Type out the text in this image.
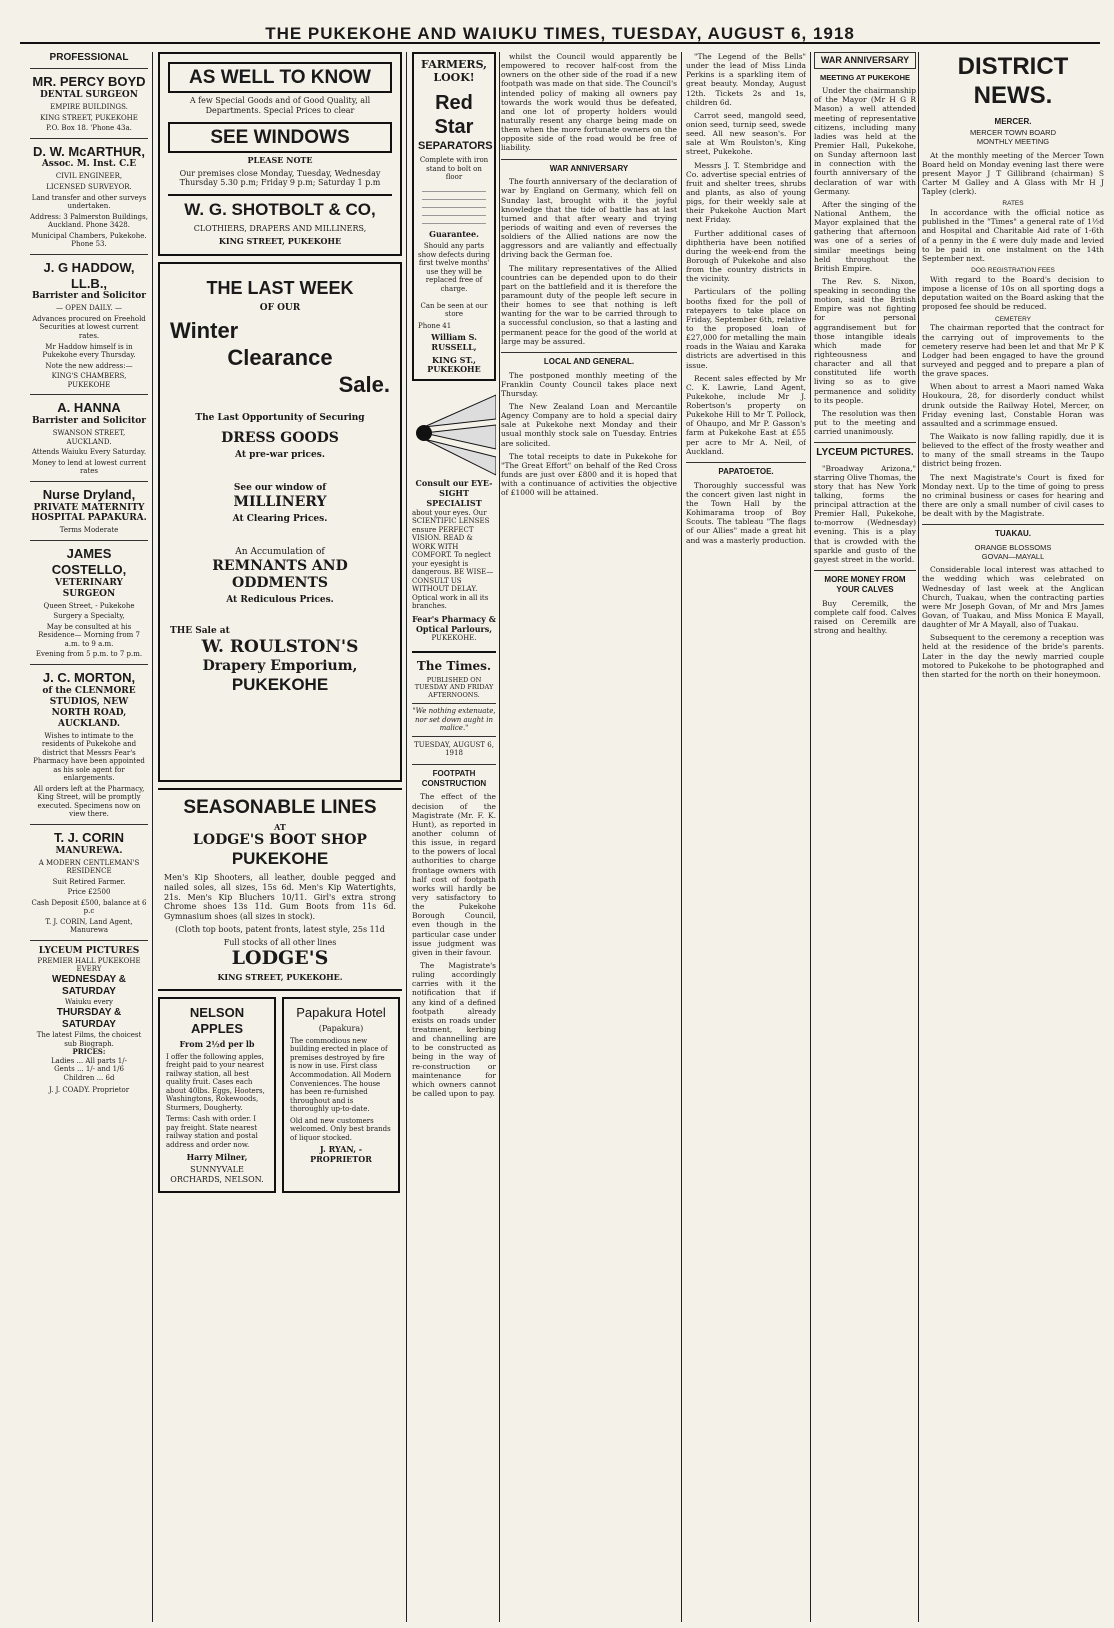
THE PUKEKOHE AND WAIUKU TIMES, TUESDAY, AUGUST 6, 1918
PROFESSIONAL
MR. PERCY BOYD
DENTAL SURGEON
EMPIRE BUILDINGS.
KING STREET, PUKEKOHE
P.O. Box 18. 'Phone 43a.
D. W. McARTHUR,
Assoc. M. Inst. C.E
CIVIL ENGINEER,
LICENSED SURVEYOR.
Land transfer and other surveys undertaken.
Address: 3 Palmerston Buildings, Auckland. Phone 3428.
Municipal Chambers, Pukekohe. Phone 53.
J. G HADDOW, LL.B.,
Barrister and Solicitor
— OPEN DAILY. —
Advances procured on Freehold Securities at lowest current rates.
Mr Haddow himself is in Pukekohe every Thursday.
Note the new address:—
KING'S CHAMBERS, PUKEKOHE
A. HANNA
Barrister and Solicitor
SWANSON STREET, AUCKLAND.
Attends Waiuku Every Saturday.
Money to lend at lowest current rates
Nurse Dryland,
PRIVATE MATERNITY HOSPITAL PAPAKURA.
Terms Moderate
JAMES COSTELLO,
VETERINARY SURGEON
Queen Street, - Pukekohe
Surgery a Specialty,
May be consulted at his Residence— Morning from 7 a.m. to 9 a.m.
Evening from 5 p.m. to 7 p.m.
J. C. MORTON,
of the CLENMORE STUDIOS, NEW NORTH ROAD, AUCKLAND.
Wishes to intimate to the residents of Pukekohe and district that Messrs Fear's Pharmacy have been appointed as his sole agent for enlargements.
All orders left at the Pharmacy, King Street, will be promptly executed. Specimens now on view there.
T. J. CORIN
MANUREWA.
A MODERN CENTLEMAN'S RESIDENCE
Suit Retired Farmer.
Price £2500
Cash Deposit £500, balance at 6 p.c
T. J. CORIN, Land Agent, Manurewa
LYCEUM PICTURES
PREMIER HALL PUKEKOHE
EVERY
WEDNESDAY & SATURDAY
Waiuku every
THURSDAY & SATURDAY
The latest Films, the choicest sub Biograph.
PRICES:
Ladies ... All parts 1/-
Gents ... 1/- and 1/6
Children ... 6d
J. J. COADY. Proprietor
AS WELL TO KNOW

A few Special Goods and of Good Quality, all Departments. Special Prices to clear

SEE WINDOWS

PLEASE NOTE

Our premises close Monday, Tuesday, Wednesday Thursday 5.30 p.m; Friday 9 p.m; Saturday 1 p.m

W. G. SHOTBOLT & CO,

CLOTHIERS, DRAPERS AND MILLINERS,

KING STREET, PUKEKOHE

THE LAST WEEK

OF OUR

Winter
Clearance
Sale.

The Last Opportunity of Securing

DRESS GOODS

At pre-war prices.

See our window of

MILLINERY

At Clearing Prices.

An Accumulation of

REMNANTS AND ODDMENTS

At Rediculous Prices.

THE Sale at

W. ROULSTON'S
Drapery Emporium,
PUKEKOHE
SEASONABLE LINES

AT

LODGE'S BOOT SHOP
PUKEKOHE

Men's Kip Shooters, all leather, double pegged and nailed soles, all sizes, 15s 6d. Men's Kip Watertights, 21s. Men's Kip Bluchers 10/11. Girl's extra strong Chrome shoes 13s 11d. Gum Boots from 11s 6d. Gymnasium shoes (all sizes in stock).

(Cloth top boots, patent fronts, latest style, 25s 11d

Full stocks of all other lines

LODGE'S

KING STREET, PUKEKOHE.

NELSON APPLES

From 2½d per lb

I offer the following apples, freight paid to your nearest railway station, all best quality fruit. Cases each about 40lbs. Eggs, Hooters, Washingtons, Rokewoods, Sturmers, Dougherty.

Terms: Cash with order. I pay freight. State nearest railway station and postal address and order now.

Harry Milner,

SUNNYVALE ORCHARDS, NELSON.

Papakura Hotel

(Papakura)

The commodious new building erected in place of premises destroyed by fire is now in use. First class Accommodation. All Modern Conveniences. The house has been re-furnished throughout and is thoroughly up-to-date.

Old and new customers welcomed. Only best brands of liquor stocked.

J. RYAN, - PROPRIETOR

FARMERS, LOOK!
Red Star
SEPARATORS

Complete with iron stand to bolt on floor

Guarantee.

Should any parts show defects during first twelve months' use they will be replaced free of charge.

Can be seen at our store

Phone 41

William S. RUSSELL,

KING ST., PUKEKOHE

Consult our EYE-SIGHT SPECIALIST

about your eyes. Our SCIENTIFIC LENSES ensure PERFECT VISION. READ & WORK WITH COMFORT. To neglect your eyesight is dangerous. BE WISE—CONSULT US WITHOUT DELAY. Optical work in all its branches.

Fear's Pharmacy & Optical Parlours,

PUKEKOHE.

The Times.

PUBLISHED ON TUESDAY AND FRIDAY AFTERNOONS.

"We nothing extenuate, nor set down aught in malice."

TUESDAY, AUGUST 6, 1918

FOOTPATH CONSTRUCTION

The effect of the decision of the Magistrate (Mr. F. K. Hunt), as reported in another column of this issue, in regard to the powers of local authorities to charge frontage owners with half cost of footpath works will hardly be very satisfactory to the Pukekohe Borough Council, even though in the particular case under issue judgment was given in their favour.

The Magistrate's ruling accordingly carries with it the notification that if any kind of a defined footpath already exists on roads under treatment, kerbing and channelling are to be constructed as being in the way of re-construction or maintenance for which owners cannot be called upon to pay.

whilst the Council would apparently be empowered to recover half-cost from the owners on the other side of the road if a new footpath was made on that side. The Council's intended policy of making all owners pay towards the work would thus be defeated, and one lot of property holders would naturally resent any charge being made on them when the more fortunate owners on the opposite side of the road would be free of liability.

WAR ANNIVERSARY

The fourth anniversary of the declaration of war by England on Germany, which fell on Sunday last, brought with it the joyful knowledge that the tide of battle has at last turned and that after weary and trying periods of waiting and even of reverses the soldiers of the Allied nations are now the aggressors and are valiantly and effectually driving back the German foe.

The military representatives of the Allied countries can be depended upon to do their part on the battlefield and it is therefore the paramount duty of the people left secure in their homes to see that nothing is left wanting for the war to be carried through to a successful conclusion, so that a lasting and permanent peace for the good of the world at large may be assured.

LOCAL AND GENERAL.

The postponed monthly meeting of the Franklin County Council takes place next Thursday.

The New Zealand Loan and Mercantile Agency Company are to hold a special dairy sale at Pukekohe next Monday and their usual monthly stock sale on Tuesday. Entries are solicited.

The total receipts to date in Pukekohe for "The Great Effort" on behalf of the Red Cross funds are just over £800 and it is hoped that with a continuance of activities the objective of £1000 will be attained.

"The Legend of the Bells" under the lead of Miss Linda Perkins is a sparkling item of great beauty. Monday, August 12th. Tickets 2s and 1s, children 6d.

Carrot seed, mangold seed, onion seed, turnip seed, swede seed. All new season's. For sale at Wm Roulston's, King street, Pukekohe.

Messrs J. T. Stembridge and Co. advertise special entries of fruit and shelter trees, shrubs and plants, as also of young pigs, for their weekly sale at their Pukekohe Auction Mart next Friday.

Further additional cases of diphtheria have been notified during the week-end from the Borough of Pukekohe and also from the country districts in the vicinity.

Particulars of the polling booths fixed for the poll of ratepayers to take place on Friday, September 6th, relative to the proposed loan of £27,000 for metalling the main roads in the Waiau and Karaka districts are advertised in this issue.

Recent sales effected by Mr C. K. Lawrie, Land Agent, Pukekohe, include Mr J. Robertson's property on Pukekohe Hill to Mr T. Pollock, of Ohaupo, and Mr P. Gasson's farm at Pukekohe East at £55 per acre to Mr A. Neil, of Auckland.

PAPATOETOE.

Thoroughly successful was the concert given last night in the Town Hall by the Kohimarama troop of Boy Scouts. The tableau "The flags of our Allies" made a great hit and was a masterly production.

WAR ANNIVERSARY
MEETING AT PUKEKOHE

Under the chairmanship of the Mayor (Mr H G R Mason) a well attended meeting of representative citizens, including many ladies was held at the Premier Hall, Pukekohe, on Sunday afternoon last in connection with the fourth anniversary of the declaration of war with Germany.

After the singing of the National Anthem, the Mayor explained that the gathering that afternoon was one of a series of similar meetings being held throughout the British Empire.

The Rev. S. Nixon, speaking in seconding the motion, said the British Empire was not fighting for personal aggrandisement but for those intangible ideals which made for righteousness and character and all that constituted life worth living so as to give permanence and solidity to its people.

The resolution was then put to the meeting and carried unanimously.

LYCEUM PICTURES.

"Broadway Arizona," starring Olive Thomas, the story that has New York talking, forms the principal attraction at the Premier Hall, Pukekohe, to-morrow (Wednesday) evening. This is a play that is crowded with the sparkle and gusto of the gayest street in the world.

MORE MONEY FROM YOUR CALVES

Buy Ceremilk, the complete calf food. Calves raised on Ceremilk are strong and healthy.

DISTRICT NEWS.
MERCER.
MERCER TOWN BOARD
MONTHLY MEETING

At the monthly meeting of the Mercer Town Board held on Monday evening last there were present Mayor J T Gillibrand (chairman) S Carter M Galley and A Glass with Mr H J Tapley (clerk).

RATES

In accordance with the official notice as published in the "Times" a general rate of 1½d and Hospital and Charitable Aid rate of 1-6th of a penny in the £ were duly made and levied to be paid in one instalment on the 14th September next.

DOG REGISTRATION FEES

With regard to the Board's decision to impose a license of 10s on all sporting dogs a deputation waited on the Board asking that the proposed fee should be reduced.

CEMETERY

The chairman reported that the contract for the carrying out of improvements to the cemetery reserve had been let and that Mr P K Lodger had been engaged to have the ground surveyed and pegged and to prepare a plan of the grave spaces.

When about to arrest a Maori named Waka Houkoura, 28, for disorderly conduct whilst drunk outside the Railway Hotel, Mercer, on Friday evening last, Constable Horan was assaulted and a scrimmage ensued.

The Waikato is now falling rapidly, due it is believed to the effect of the frosty weather and to many of the small streams in the Taupo district being frozen.

The next Magistrate's Court is fixed for Monday next. Up to the time of going to press no criminal business or cases for hearing and there are only a small number of civil cases to be dealt with by the Magistrate.

TUAKAU.
ORANGE BLOSSOMS
GOVAN—MAYALL

Considerable local interest was attached to the wedding which was celebrated on Wednesday of last week at the Anglican Church, Tuakau, when the contracting parties were Mr Joseph Govan, of Mr and Mrs James Govan, of Tuakau, and Miss Monica E Mayall, daughter of Mr A Mayall, also of Tuakau.

Subsequent to the ceremony a reception was held at the residence of the bride's parents. Later in the day the newly married couple motored to Pukekohe to be photographed and then started for the north on their honeymoon.
